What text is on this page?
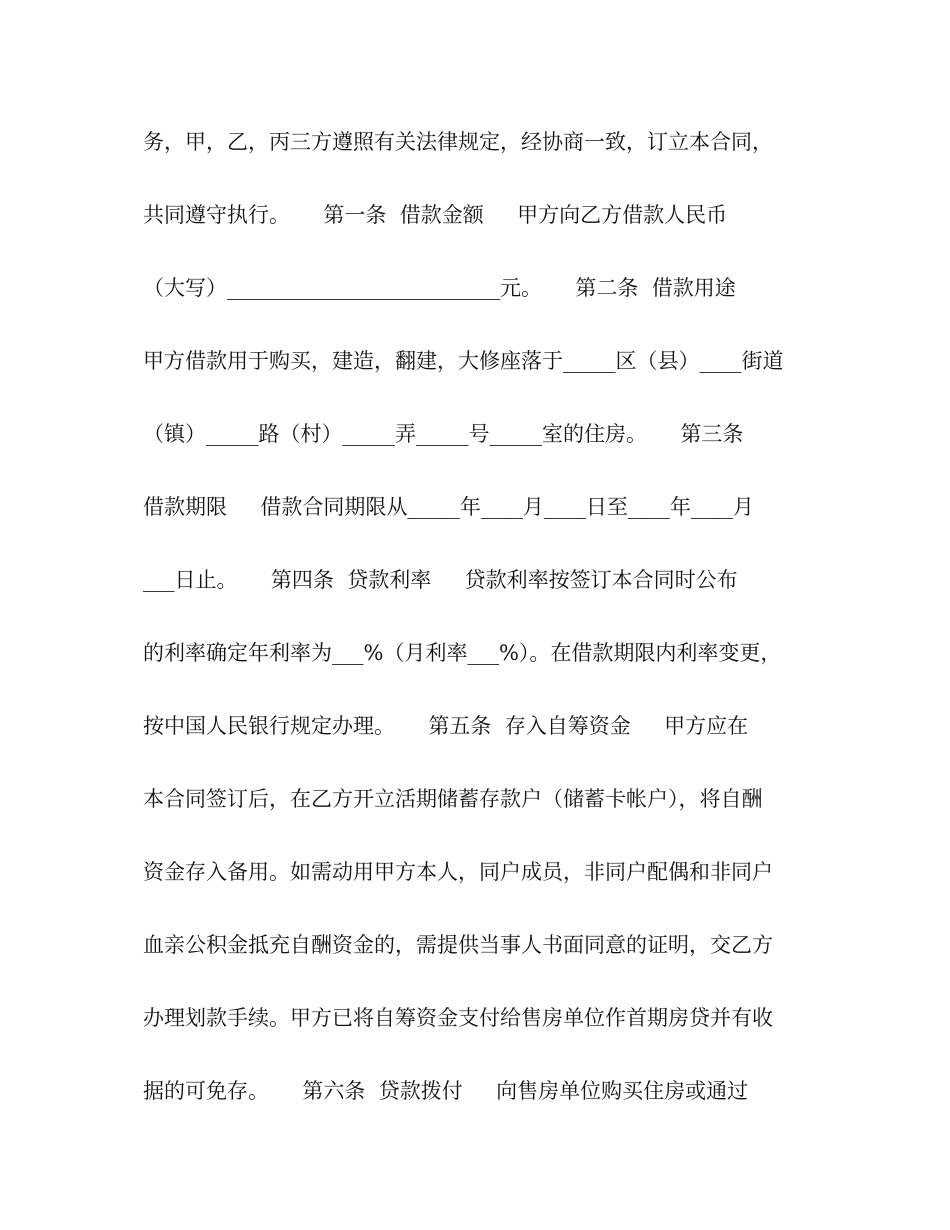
务，甲，乙，丙三方遵照有关法律规定，经协商一致，订立本合同，
共同遵守执行。     第一条  借款金额     甲方向乙方借款人民币
（大写）__________________________元。     第二条  借款用途
甲方借款用于购买，建造，翻建，大修座落于_____区（县）____街道
（镇）_____路（村）_____弄_____号_____室的住房。     第三条
借款期限     借款合同期限从_____年____月____日至____年____月
___日止。     第四条  贷款利率     贷款利率按签订本合同时公布
的利率确定年利率为___%（月利率___%）。在借款期限内利率变更，
按中国人民银行规定办理。     第五条  存入自筹资金     甲方应在
本合同签订后，在乙方开立活期储蓄存款户（储蓄卡帐户），将自酬
资金存入备用。如需动用甲方本人，同户成员，非同户配偶和非同户
血亲公积金抵充自酬资金的，需提供当事人书面同意的证明，交乙方
办理划款手续。甲方已将自筹资金支付给售房单位作首期房贷并有收
据的可免存。     第六条  贷款拨付     向售房单位购买住房或通过
